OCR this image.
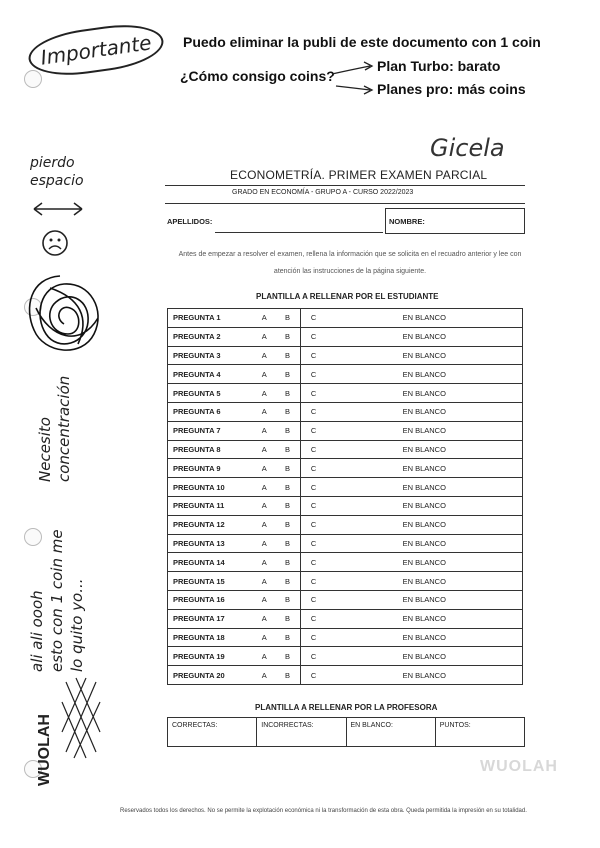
Importante	Puedo eliminar la publi de este documento con 1 coin
¿Cómo consigo coins?
Plan Turbo: barato
Planes pro: más coins
pierdo
espacio
Necesito concentración
ali ali oooh esto con 1 coin me lo quito yo...
WUOLAH
Gicela
ECONOMETRÍA. PRIMER EXAMEN PARCIAL
GRADO EN ECONOMÍA - GRUPO A - CURSO 2022/2023
APELLIDOS:	NOMBRE:
Antes de empezar a resolver el examen, rellena la información que se solicita en el recuadro anterior y lee con atención las instrucciones de la página siguiente.
PLANTILLA A RELLENAR POR EL ESTUDIANTE
PREGUNTA 1	A	B	C	EN BLANCO
PREGUNTA 2	A	B	C	EN BLANCO
PREGUNTA 3	A	B	C	EN BLANCO
PREGUNTA 4	A	B	C	EN BLANCO
PREGUNTA 5	A	B	C	EN BLANCO
PREGUNTA 6	A	B	C	EN BLANCO
PREGUNTA 7	A	B	C	EN BLANCO
PREGUNTA 8	A	B	C	EN BLANCO
PREGUNTA 9	A	B	C	EN BLANCO
PREGUNTA 10	A	B	C	EN BLANCO
PREGUNTA 11	A	B	C	EN BLANCO
PREGUNTA 12	A	B	C	EN BLANCO
PREGUNTA 13	A	B	C	EN BLANCO
PREGUNTA 14	A	B	C	EN BLANCO
PREGUNTA 15	A	B	C	EN BLANCO
PREGUNTA 16	A	B	C	EN BLANCO
PREGUNTA 17	A	B	C	EN BLANCO
PREGUNTA 18	A	B	C	EN BLANCO
PREGUNTA 19	A	B	C	EN BLANCO
PREGUNTA 20	A	B	C	EN BLANCO
PLANTILLA A RELLENAR POR LA PROFESORA
CORRECTAS:	INCORRECTAS:	EN BLANCO:	PUNTOS:
WUOLAH
Reservados todos los derechos. No se permite la explotación económica ni la transformación de esta obra. Queda permitida la impresión en su totalidad.
